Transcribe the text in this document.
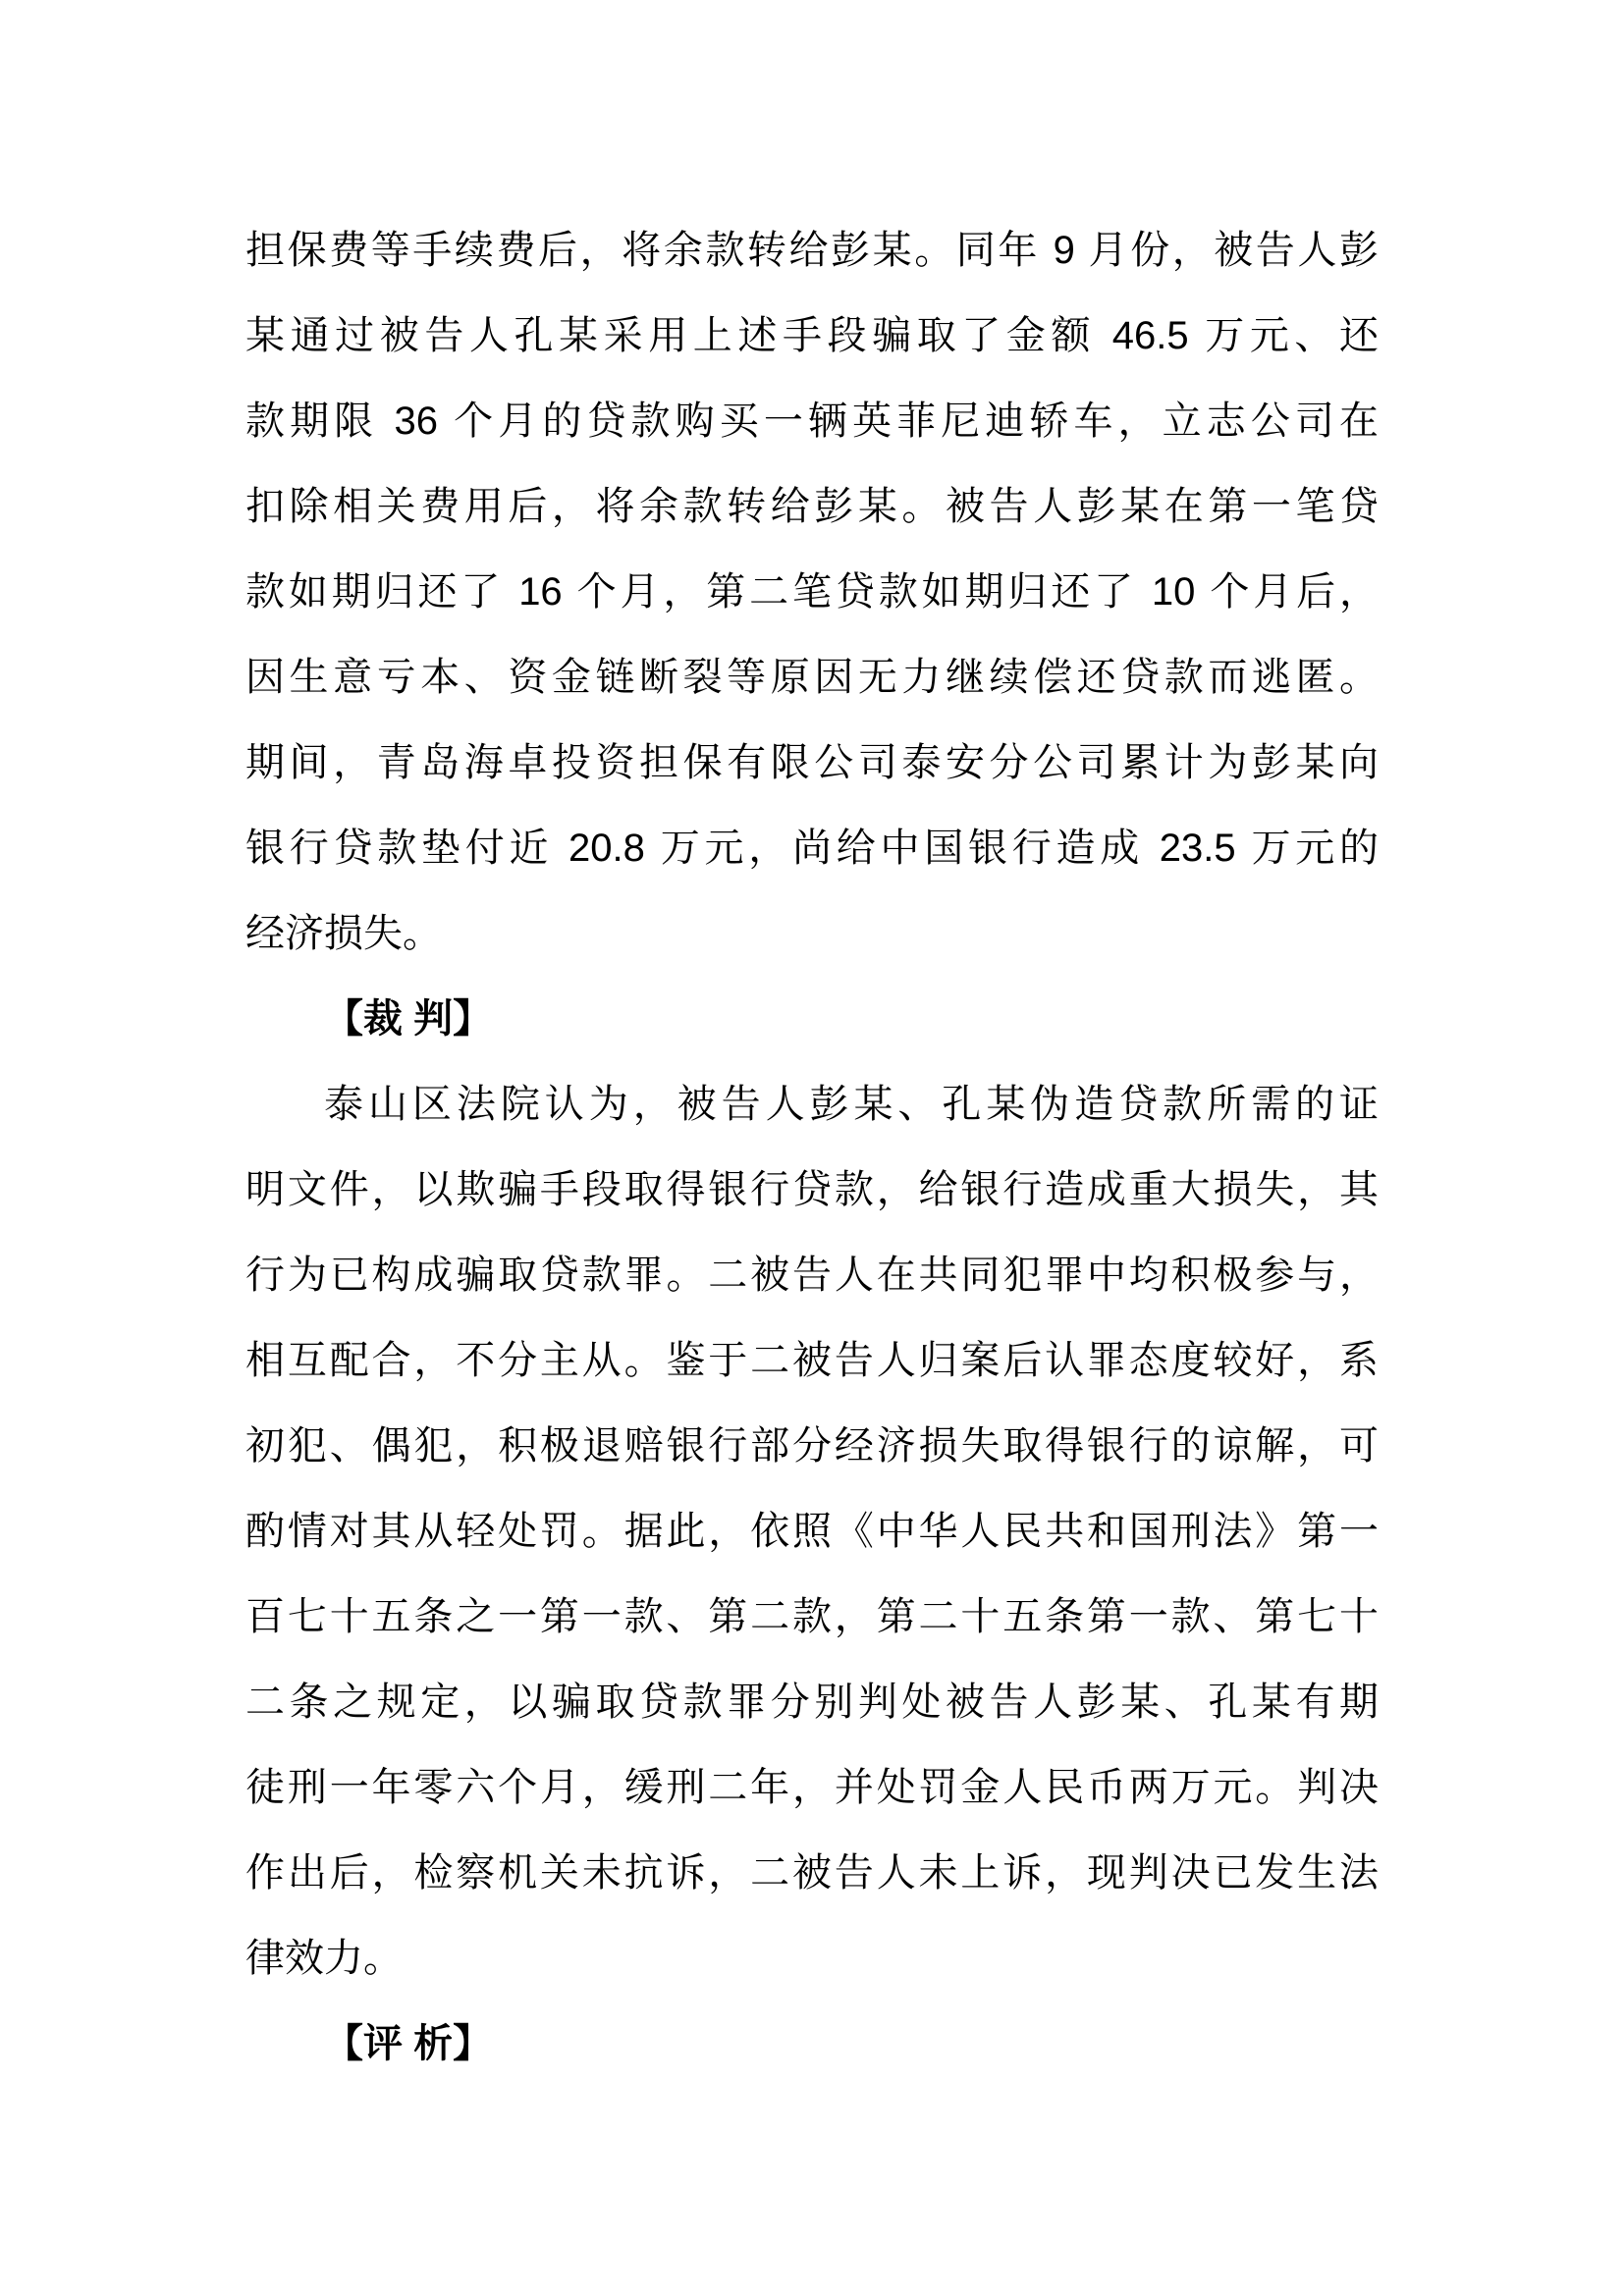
担保费等手续费后，将余款转给彭某。同年 9 月份，被告人彭
某通过被告人孔某采用上述手段骗取了金额 46.5 万元、还
款期限 36 个月的贷款购买一辆英菲尼迪轿车，立志公司在
扣除相关费用后，将余款转给彭某。被告人彭某在第一笔贷
款如期归还了 16 个月，第二笔贷款如期归还了 10 个月后，
因生意亏本、资金链断裂等原因无力继续偿还贷款而逃匿。
期间，青岛海卓投资担保有限公司泰安分公司累计为彭某向
银行贷款垫付近 20.8 万元，尚给中国银行造成 23.5 万元的
经济损失。
【裁 判】
泰山区法院认为，被告人彭某、孔某伪造贷款所需的证
明文件，以欺骗手段取得银行贷款，给银行造成重大损失，其
行为已构成骗取贷款罪。二被告人在共同犯罪中均积极参与，
相互配合，不分主从。鉴于二被告人归案后认罪态度较好，系
初犯、偶犯，积极退赔银行部分经济损失取得银行的谅解，可
酌情对其从轻处罚。据此，依照《中华人民共和国刑法》第一
百七十五条之一第一款、第二款，第二十五条第一款、第七十
二条之规定，以骗取贷款罪分别判处被告人彭某、孔某有期
徒刑一年零六个月，缓刑二年，并处罚金人民币两万元。判决
作出后，检察机关未抗诉，二被告人未上诉，现判决已发生法
律效力。
【评 析】
